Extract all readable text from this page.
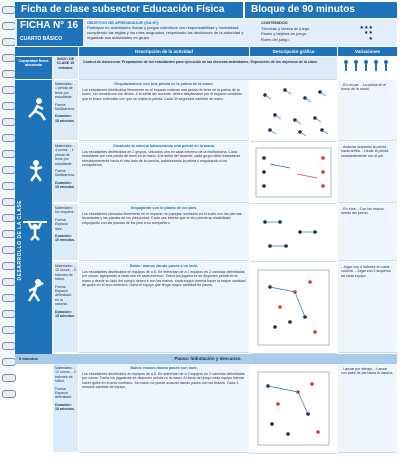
Ficha de clase subsector Educación Física	Bloque de 90 minutos
FICHA N° 16
CUARTO BÁSICO
OBJETIVO DE APRENDIZAJE (OA N°)
Participar en actividades físicas y juegos colectivos con responsabilidad y honestidad, cumpliendo las reglas y los roles asignados, respetando las decisiones de la autoridad y organizar sus actividades en grupo.
CONTENIDOS
Técnicas y táctica de juego.	★★★
Pases y tarjetas en juego.	★★
Roles del juego.	★
Descripción de la actividad	Descripción gráfica	Variaciones
Capacidad física abordada
INICIO DE CLASE 15 minutos
Control de Asistencia. Preparación de los estudiantes para ejecución de las diversas actividades. Exposición de los objetivos de la clase.
DESARROLLO DE LA CLASE
Materiales: - 1 pelota de tenis por estudiante.
Forma: Multicarrera.
Duración: 15 minutos
Desplazándose con una pelota en la palma de la mano.
Los estudiantes distribuidos libremente en el espacio realizan una pelota de tenis en la palma de la mano, sin tomarla con los dedos. A la señal del docente, deben desplazarse por el espacio cuidando que el brazo extendido con que se sujeta la pelota. Cada 30 segundos cambiar de mano.
- En un pie. - La pelota en el dorso de la mano.
Materiales: - 4 conos. - 1 pelota de tenis por estudiante.
Forma: Multicarrera.
Duración: 15 minutos
Cruzando la cancha balanceando una pelota en la mano.
Los estudiantes distribuidos en 2 grupos, ubicados uno en cada extremo de la multicancha. Cada estudiante con una pelota de tenis en la mano. A la señal del docente, cada grupo debe trasladarse simultáneamente hacia el otro lado de la cancha, balanceando la pelota y esquivando a los compañeros.
- Avanzar lanzando la pelota hacia arriba. - Llevar la pelota constantemente con el pie.
Materiales: No requiere.
Forma: Espacio libre.
Duración: 10 minutos.
Empujando con la planta de los pies.
Los estudiantes ubicados libremente en el espacio, en parejas, sentados en el suelo con las piernas levantadas y las plantas de los pies juntas. Cada uno intenta que el otro pierda su estabilidad empujando con las plantas de los pies a su compañero.
- En tríos. - Con los brazos detrás del pecho.
Materiales: - 12 conos. - 3 balones de fútbol.
Forma: Espacio delimitado en la cancha.
Duración: 15 minutos.
Balón: manos dando pases a un lado.
Los estudiantes distribuidos en equipos de a 6. Se enfrentan de a 2 equipos en 2 canchas delimitadas por conos, agrupando a cada uno en cada extremo. Todos los jugadores se disponen pelota en la mano y desde su lado del campo deben ir con las manos, cada equipo intenta hacer la mayor cantidad de goles en el arco contrario. Gana el equipo que tenga mayor cantidad de pases.
- Jugar con 4 balones en cada cancha. - Jugar con 2 arqueros en cada equipo.
Materiales: - 12 conos. - 2 balones de fútbol.
Forma: Espacio delimitado.
Duración: 15 minutos.
Balón: manos dando pases con bote.
Los estudiantes distribuidos en equipos de a 6. Se enfrentan de a 2 equipos en 2 canchas delimitadas por conos. Todos los jugadores se disponen pelota en la mano. Al inicio del juego cada equipo intenta hacer goles en el arco contrario. Sin balón no puede avanzar dando pases con los brazos. Cada 3 minutos cambiar de equipo.
- Lanzar por debajo. - Lanzar con pase de pie hacia la cancha.
5 minutos	Pausa: hidratación y descanso.
